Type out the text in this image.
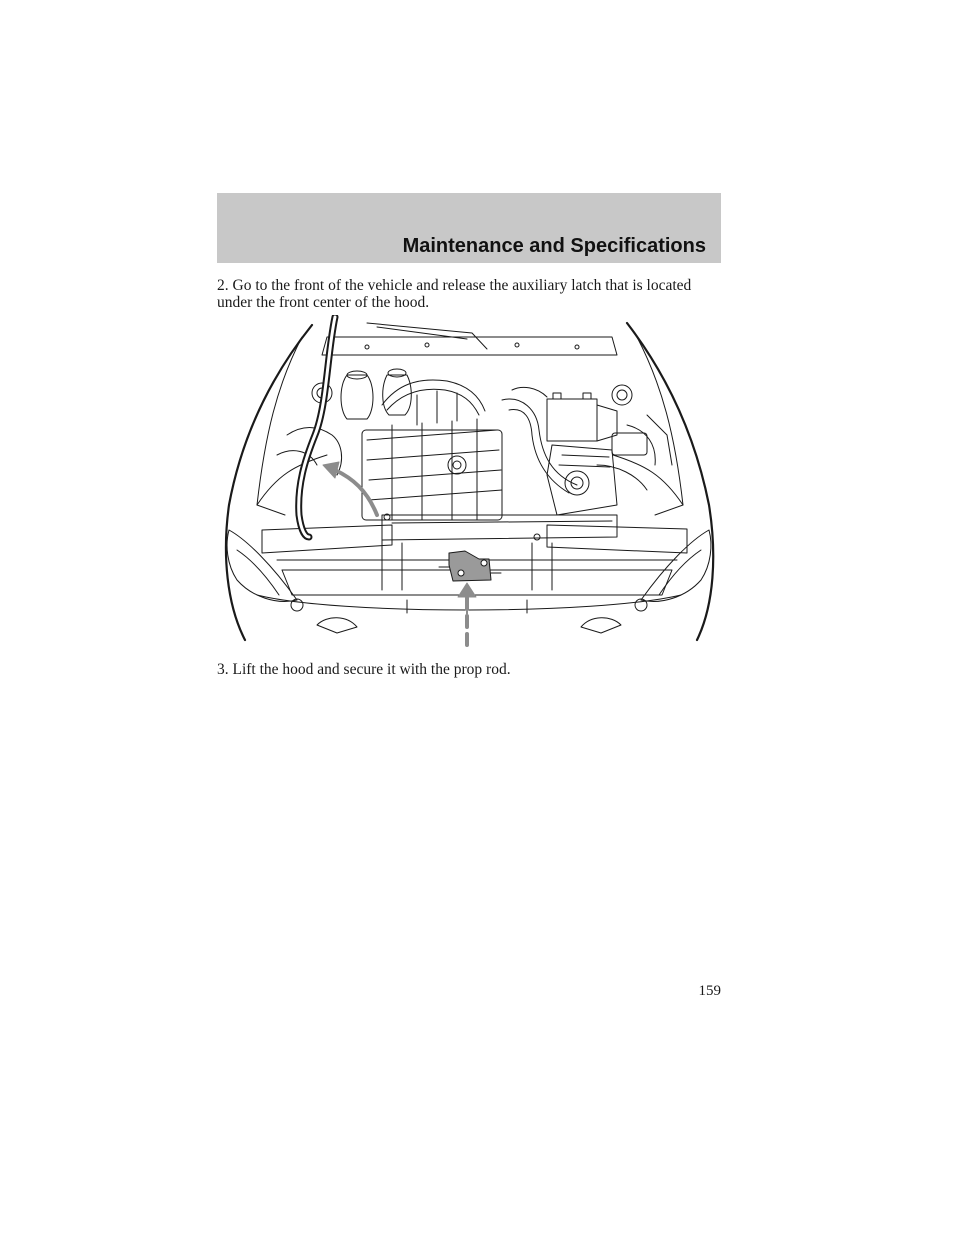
Maintenance and Specifications

2. Go to the front of the vehicle and release the auxiliary latch that is located under the front center of the hood.

3. Lift the hood and secure it with the prop rod.

159
